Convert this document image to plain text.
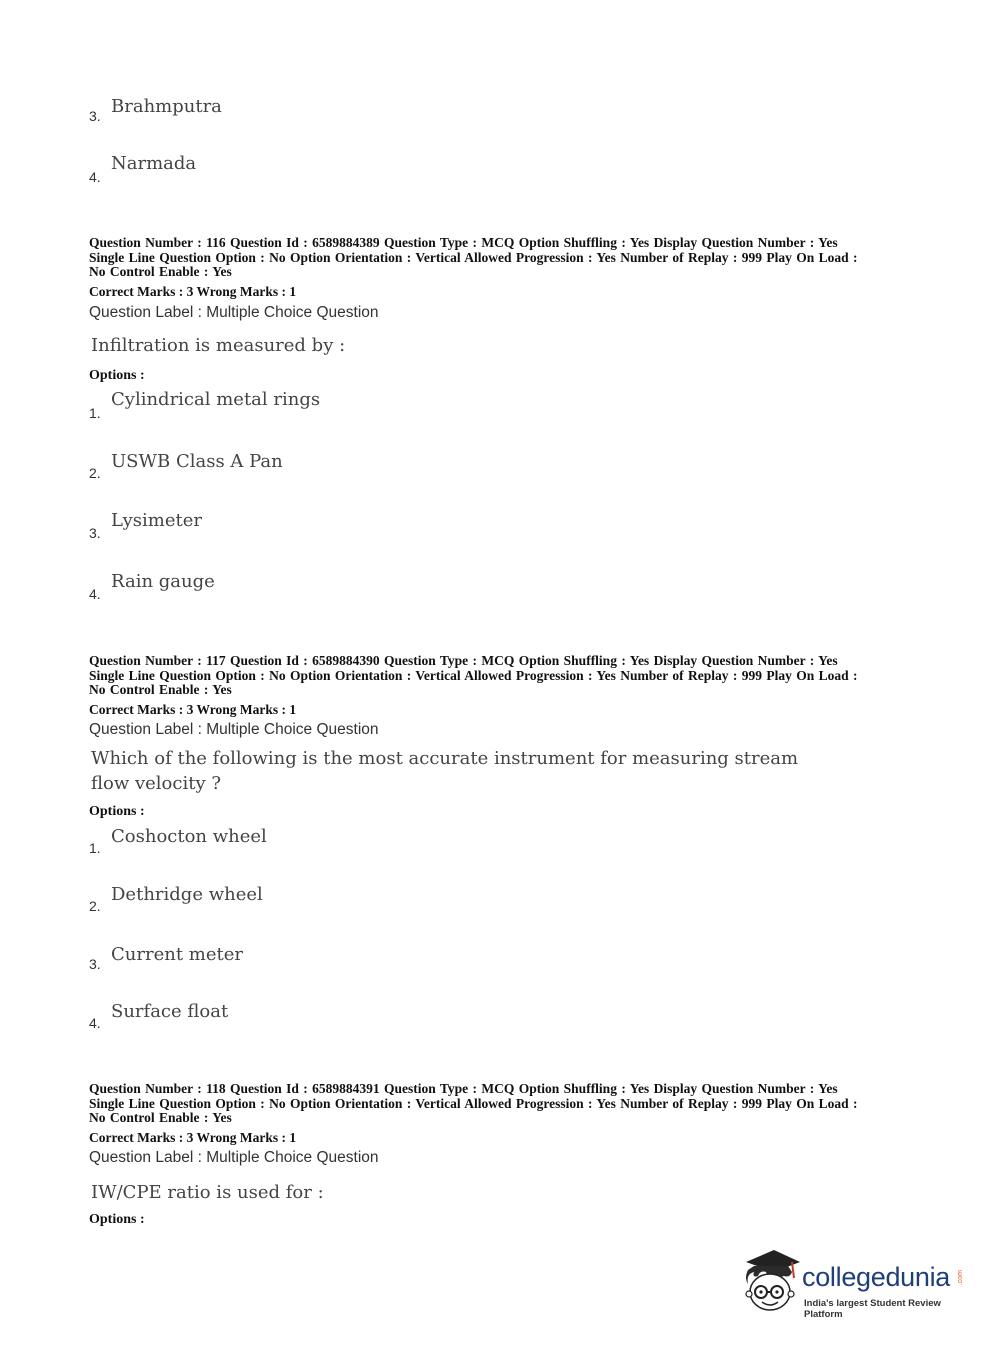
3. Brahmputra
4.
Narmada
Question Number : 116 Question Id : 6589884389 Question Type : MCQ Option Shuffling : Yes Display Question Number : Yes
Single Line Question Option : No Option Orientation : Vertical Allowed Progression : Yes Number of Replay : 999 Play On Load :
No Control Enable : Yes
Correct Marks : 3 Wrong Marks : 1
Question Label : Multiple Choice Question
Infiltration is measured by :
Options :
1.
Cylindrical metal rings
2.
USWB Class A Pan
3.
Lysimeter
4.
Rain gauge
Question Number : 117 Question Id : 6589884390 Question Type : MCQ Option Shuffling : Yes Display Question Number : Yes
Single Line Question Option : No Option Orientation : Vertical Allowed Progression : Yes Number of Replay : 999 Play On Load :
No Control Enable : Yes
Correct Marks : 3 Wrong Marks : 1
Question Label : Multiple Choice Question
Which of the following is the most accurate instrument for measuring stream
flow velocity ?
Options :
1.
Coshocton wheel
2.
Dethridge wheel
3. Current meter
4.
Surface float
Question Number : 118 Question Id : 6589884391 Question Type : MCQ Option Shuffling : Yes Display Question Number : Yes
Single Line Question Option : No Option Orientation : Vertical Allowed Progression : Yes Number of Replay : 999 Play On Load :
No Control Enable : Yes
Correct Marks : 3 Wrong Marks : 1
Question Label : Multiple Choice Question
IW/CPE ratio is used for :
Options :
collegedunia .com
India's largest Student Review Platform
